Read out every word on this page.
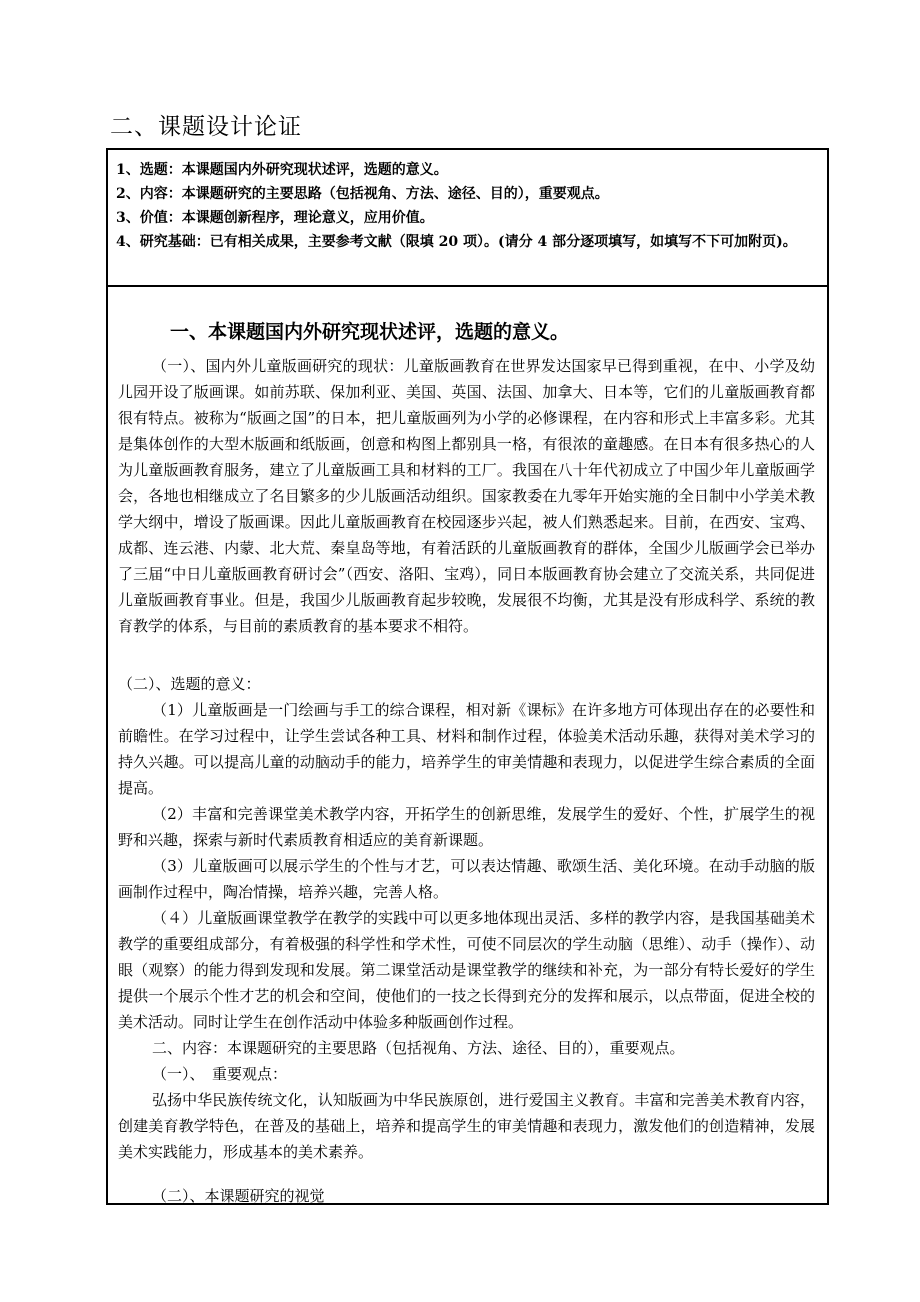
二、课题设计论证

1、选题：本课题国内外研究现状述评，选题的意义。

2、内容：本课题研究的主要思路（包括视角、方法、途径、目的），重要观点。

3、价值：本课题创新程序，理论意义，应用价值。

4、研究基础：已有相关成果，主要参考文献（限填 20 项）。(请分 4 部分逐项填写，如填写不下可加附页)。

一、本课题国内外研究现状述评，选题的意义。

（一）、国内外儿童版画研究的现状：儿童版画教育在世界发达国家早已得到重视，在中、小学及幼儿园开设了版画课。如前苏联、保加利亚、美国、英国、法国、加拿大、日本等，它们的儿童版画教育都很有特点。被称为“版画之国”的日本，把儿童版画列为小学的必修课程，在内容和形式上丰富多彩。尤其是集体创作的大型木版画和纸版画，创意和构图上都别具一格，有很浓的童趣感。在日本有很多热心的人为儿童版画教育服务，建立了儿童版画工具和材料的工厂。我国在八十年代初成立了中国少年儿童版画学会，各地也相继成立了名目繁多的少儿版画活动组织。国家教委在九零年开始实施的全日制中小学美术教学大纲中，增设了版画课。因此儿童版画教育在校园逐步兴起，被人们熟悉起来。目前，在西安、宝鸡、成都、连云港、内蒙、北大荒、秦皇岛等地，有着活跃的儿童版画教育的群体，全国少儿版画学会已举办了三届“中日儿童版画教育研讨会”（西安、洛阳、宝鸡），同日本版画教育协会建立了交流关系，共同促进儿童版画教育事业。但是，我国少儿版画教育起步较晚，发展很不均衡，尤其是没有形成科学、系统的教育教学的体系，与目前的素质教育的基本要求不相符。

（二）、选题的意义：

（1）儿童版画是一门绘画与手工的综合课程，相对新《课标》在许多地方可体现出存在的必要性和前瞻性。在学习过程中，让学生尝试各种工具、材料和制作过程，体验美术活动乐趣，获得对美术学习的持久兴趣。可以提高儿童的动脑动手的能力，培养学生的审美情趣和表现力，以促进学生综合素质的全面提高。

（2）丰富和完善课堂美术教学内容，开拓学生的创新思维，发展学生的爱好、个性，扩展学生的视野和兴趣，探索与新时代素质教育相适应的美育新课题。

（3）儿童版画可以展示学生的个性与才艺，可以表达情趣、歌颂生活、美化环境。在动手动脑的版画制作过程中，陶冶情操，培养兴趣，完善人格。

（４）儿童版画课堂教学在教学的实践中可以更多地体现出灵活、多样的教学内容，是我国基础美术教学的重要组成部分，有着极强的科学性和学术性，可使不同层次的学生动脑（思维）、动手（操作）、动眼（观察）的能力得到发现和发展。第二课堂活动是课堂教学的继续和补充，为一部分有特长爱好的学生提供一个展示个性才艺的机会和空间，使他们的一技之长得到充分的发挥和展示，以点带面，促进全校的美术活动。同时让学生在创作活动中体验多种版画创作过程。

二、内容：本课题研究的主要思路（包括视角、方法、途径、目的），重要观点。
（一）、　重要观点：

弘扬中华民族传统文化，认知版画为中华民族原创，进行爱国主义教育。丰富和完善美术教育内容，创建美育教学特色，在普及的基础上，培养和提高学生的审美情趣和表现力，激发他们的创造精神，发展美术实践能力，形成基本的美术素养。

（二）、本课题研究的视觉
